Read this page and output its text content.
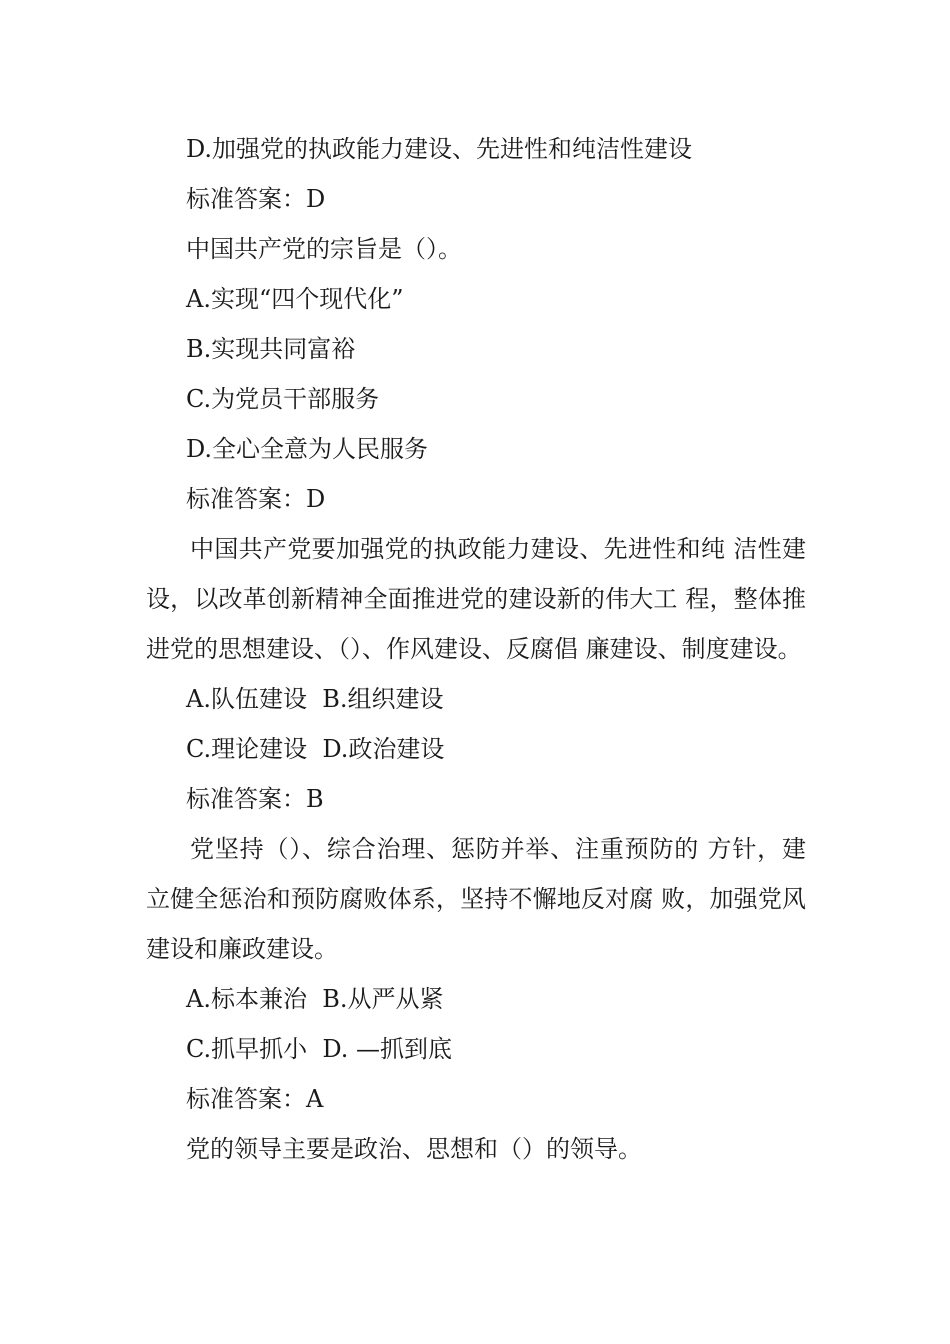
D.加强党的执政能力建设、先进性和纯洁性建设
标准答案：D
中国共产党的宗旨是（）。
A.实现“四个现代化”
B.实现共同富裕
C.为党员干部服务
D.全心全意为人民服务
标准答案：D
中国共产党要加强党的执政能力建设、先进性和纯 洁性建设，以改革创新精神全面推进党的建设新的伟大工 程，整体推进党的思想建设、（）、作风建设、反腐倡 廉建设、制度建设。
A.队伍建设  B.组织建设
C.理论建设  D.政治建设
标准答案：B
党坚持（）、综合治理、惩防并举、注重预防的 方针，建立健全惩治和预防腐败体系，坚持不懈地反对腐 败，加强党风建设和廉政建设。
A.标本兼治  B.从严从紧
C.抓早抓小  D. —抓到底
标准答案：A
党的领导主要是政治、思想和（）的领导。
